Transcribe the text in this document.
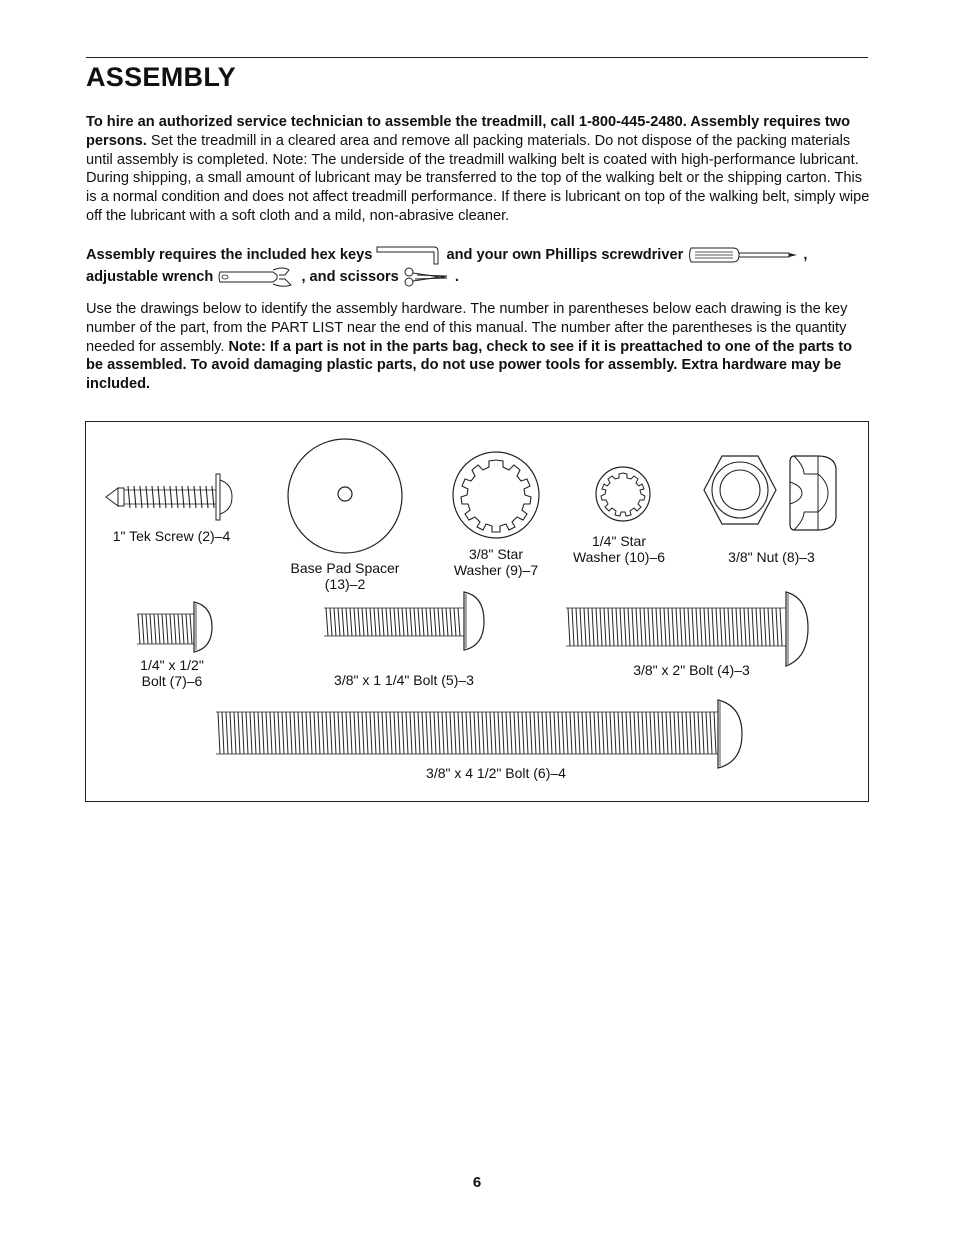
ASSEMBLY

To hire an authorized service technician to assemble the treadmill, call 1-800-445-2480. Assembly requires two persons. Set the treadmill in a cleared area and remove all packing materials. Do not dispose of the packing materials until assembly is completed. Note: The underside of the treadmill walking belt is coated with high-performance lubricant. During shipping, a small amount of lubricant may be transferred to the top of the walking belt or the shipping carton. This is a normal condition and does not affect treadmill performance. If there is lubricant on top of the walking belt, simply wipe off the lubricant with a soft cloth and a mild, non-abrasive cleaner.

Assembly requires the included hex keys	and your own Phillips screwdriver	,
adjustable wrench	, and scissors	.

Use the drawings below to identify the assembly hardware. The number in parentheses below each drawing is the key number of the part, from the PART LIST near the end of this manual. The number after the parentheses is the quantity needed for assembly. Note: If a part is not in the parts bag, check to see if it is preattached to one of the parts to be assembled. To avoid damaging plastic parts, do not use power tools for assembly. Extra hardware may be included.

1" Tek Screw (2)–4
Base Pad Spacer
(13)–2
3/8" Star
Washer (9)–7
1/4" Star
Washer (10)–6	3/8" Nut (8)–3
1/4" x 1/2"
Bolt (7)–6	3/8" x 1 1/4" Bolt (5)–3
3/8" x 2" Bolt (4)–3
3/8" x 4 1/2" Bolt (6)–4
6
